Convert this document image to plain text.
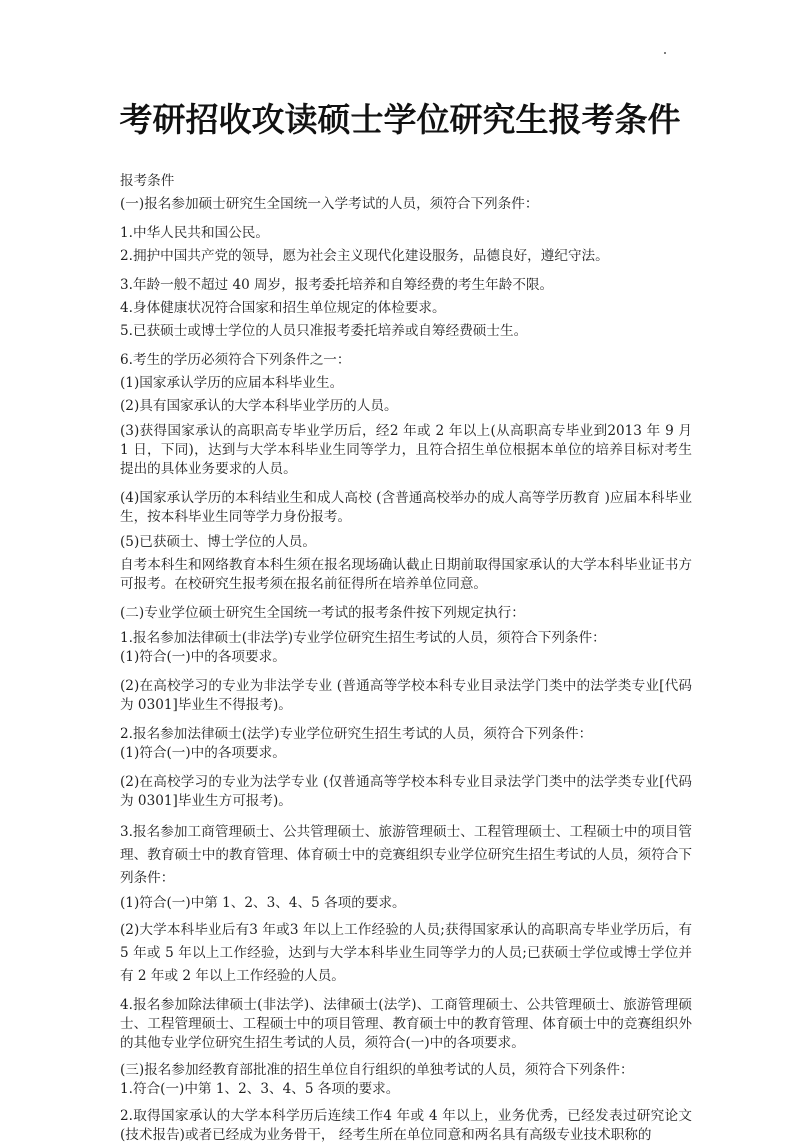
考研招收攻读硕士学位研究生报考条件

报考条件

(一)报名参加硕士研究生全国统一入学考试的人员，须符合下列条件：

1.中华人民共和国公民。

2.拥护中国共产党的领导，愿为社会主义现代化建设服务，品德良好，遵纪守法。

3.年龄一般不超过 40 周岁，报考委托培养和自筹经费的考生年龄不限。

4.身体健康状况符合国家和招生单位规定的体检要求。

5.已获硕士或博士学位的人员只准报考委托培养或自筹经费硕士生。

6.考生的学历必须符合下列条件之一：

(1)国家承认学历的应届本科毕业生。

(2)具有国家承认的大学本科毕业学历的人员。

(3)获得国家承认的高职高专毕业学历后，经2 年或 2 年以上(从高职高专毕业到2013 年 9 月 1 日，下同)，达到与大学本科毕业生同等学力，且符合招生单位根据本单位的培养目标对考生提出的具体业务要求的人员。

(4)国家承认学历的本科结业生和成人高校 (含普通高校举办的成人高等学历教育 )应届本科毕业生，按本科毕业生同等学力身份报考。

(5)已获硕士、博士学位的人员。

自考本科生和网络教育本科生须在报名现场确认截止日期前取得国家承认的大学本科毕业证书方可报考。在校研究生报考须在报名前征得所在培养单位同意。

(二)专业学位硕士研究生全国统一考试的报考条件按下列规定执行：

1.报名参加法律硕士(非法学)专业学位研究生招生考试的人员，须符合下列条件：

(1)符合(一)中的各项要求。

(2)在高校学习的专业为非法学专业 (普通高等学校本科专业目录法学门类中的法学类专业[代码为 0301]毕业生不得报考)。

2.报名参加法律硕士(法学)专业学位研究生招生考试的人员，须符合下列条件：

(1)符合(一)中的各项要求。

(2)在高校学习的专业为法学专业 (仅普通高等学校本科专业目录法学门类中的法学类专业[代码为 0301]毕业生方可报考)。

3.报名参加工商管理硕士、公共管理硕士、旅游管理硕士、工程管理硕士、工程硕士中的项目管理、教育硕士中的教育管理、体育硕士中的竞赛组织专业学位研究生招生考试的人员，须符合下列条件：

(1)符合(一)中第 1、2、3、4、5 各项的要求。

(2)大学本科毕业后有3 年或3 年以上工作经验的人员;获得国家承认的高职高专毕业学历后，有 5 年或 5 年以上工作经验，达到与大学本科毕业生同等学力的人员;已获硕士学位或博士学位并有 2 年或 2 年以上工作经验的人员。

4.报名参加除法律硕士(非法学)、法律硕士(法学)、工商管理硕士、公共管理硕士、旅游管理硕士、工程管理硕士、工程硕士中的项目管理、教育硕士中的教育管理、体育硕士中的竞赛组织外的其他专业学位研究生招生考试的人员，须符合(一)中的各项要求。

(三)报名参加经教育部批准的招生单位自行组织的单独考试的人员，须符合下列条件：

1.符合(一)中第 1、2、3、4、5 各项的要求。

2.取得国家承认的大学本科学历后连续工作4 年或 4 年以上，业务优秀，已经发表过研究论文(技术报告)或者已经成为业务骨干， 经考生所在单位同意和两名具有高级专业技术职称的
